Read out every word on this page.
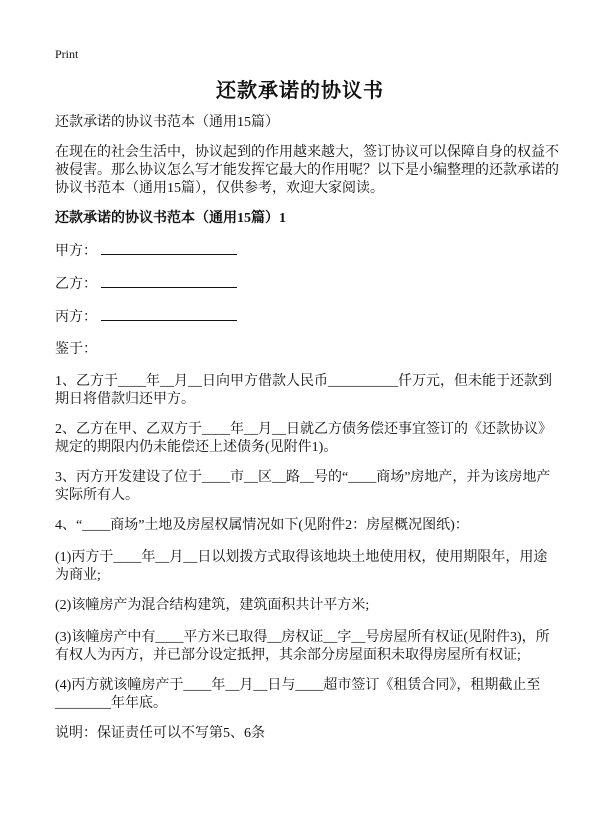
Print
还款承诺的协议书
还款承诺的协议书范本（通用15篇）
在现在的社会生活中，协议起到的作用越来越大，签订协议可以保障自身的权益不
被侵害。那么协议怎么写才能发挥它最大的作用呢？以下是小编整理的还款承诺的
协议书范本（通用15篇），仅供参考，欢迎大家阅读。
还款承诺的协议书范本（通用15篇）1
甲方：
乙方：
丙方：
鉴于：
1、乙方于____年__月__日向甲方借款人民币__________仟万元，但未能于还款到
期日将借款归还甲方。
2、乙方在甲、乙双方于____年__月__日就乙方债务偿还事宜签订的《还款协议》
规定的期限内仍未能偿还上述债务(见附件1)。
3、丙方开发建设了位于____市__区__路__号的“____商场”房地产，并为该房地产
实际所有人。
4、“____商场”土地及房屋权属情况如下(见附件2：房屋概况图纸)：
(1)丙方于____年__月__日以划拨方式取得该地块土地使用权，使用期限年，用途
为商业;
(2)该幢房产为混合结构建筑，建筑面积共计平方米;
(3)该幢房产中有____平方米已取得__房权证__字__号房屋所有权证(见附件3)，所
有权人为丙方，并已部分设定抵押，其余部分房屋面积未取得房屋所有权证;
(4)丙方就该幢房产于____年__月__日与____超市签订《租赁合同》，租期截止至
________年年底。
说明：保证责任可以不写第5、6条
